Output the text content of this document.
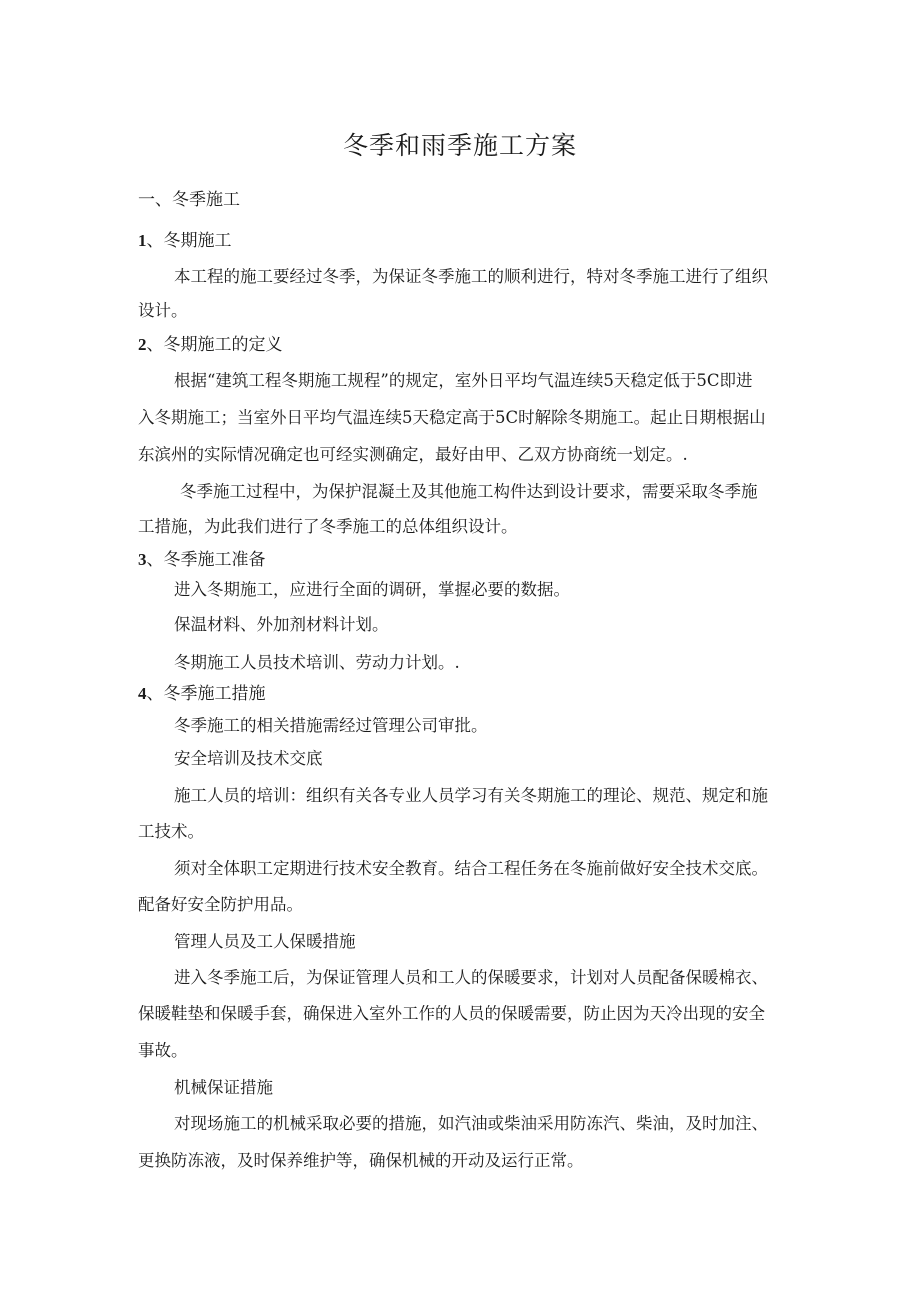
冬季和雨季施工方案
一、冬季施工
1、冬期施工
本工程的施工要经过冬季，为保证冬季施工的顺利进行，特对冬季施工进行了组织
设计。
2、冬期施工的定义
根据“建筑工程冬期施工规程”的规定，室外日平均气温连续5天稳定低于5C即进
入冬期施工；当室外日平均气温连续5天稳定高于5C时解除冬期施工。起止日期根据山
东滨州的实际情况确定也可经实测确定，最好由甲、乙双方协商统一划定。.
冬季施工过程中，为保护混凝土及其他施工构件达到设计要求，需要采取冬季施
工措施，为此我们进行了冬季施工的总体组织设计。
3、冬季施工准备
进入冬期施工，应进行全面的调研，掌握必要的数据。
保温材料、外加剂材料计划。
冬期施工人员技术培训、劳动力计划。.
4、冬季施工措施
冬季施工的相关措施需经过管理公司审批。
安全培训及技术交底
施工人员的培训：组织有关各专业人员学习有关冬期施工的理论、规范、规定和施
工技术。
须对全体职工定期进行技术安全教育。结合工程任务在冬施前做好安全技术交底。
配备好安全防护用品。
管理人员及工人保暖措施
进入冬季施工后，为保证管理人员和工人的保暖要求，计划对人员配备保暖棉衣、
保暖鞋垫和保暖手套，确保进入室外工作的人员的保暖需要，防止因为天冷出现的安全
事故。
机械保证措施
对现场施工的机械采取必要的措施，如汽油或柴油采用防冻汽、柴油，及时加注、
更换防冻液，及时保养维护等，确保机械的开动及运行正常。
